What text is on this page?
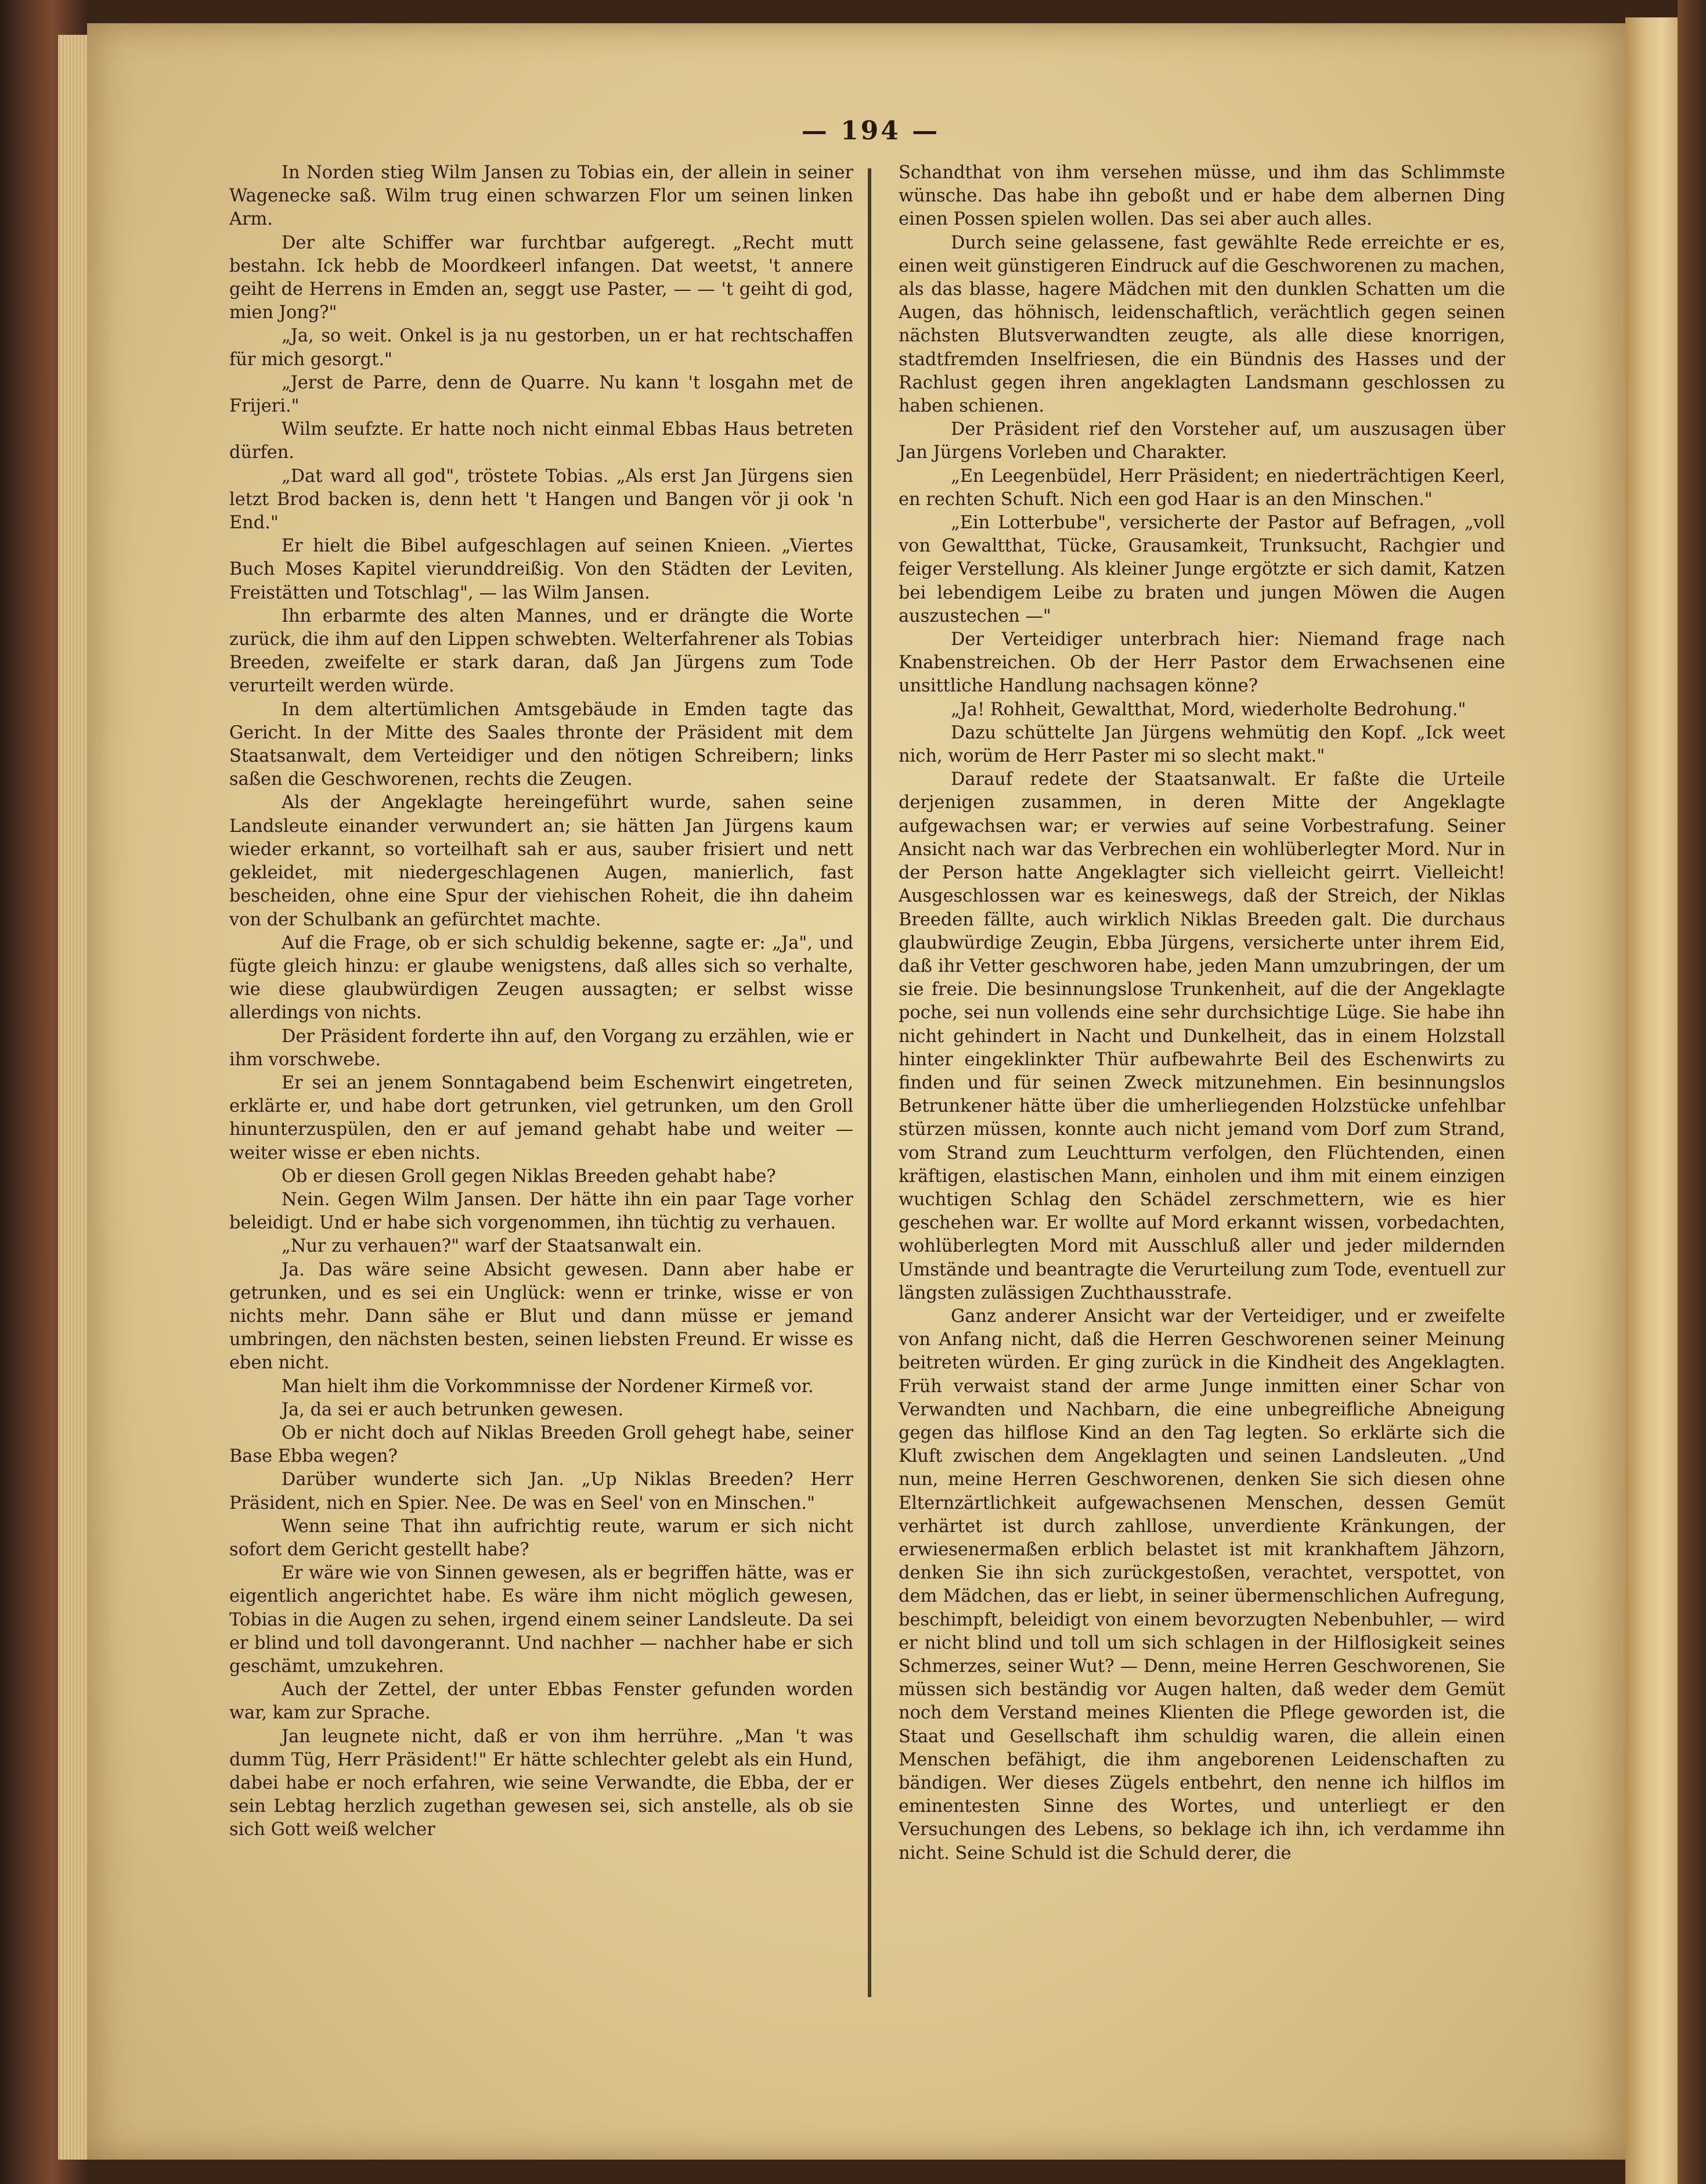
— 194 —

In Norden stieg Wilm Jansen zu Tobias ein, der allein in seiner Wagenecke saß. Wilm trug einen schwarzen Flor um seinen linken Arm.

Der alte Schiffer war furchtbar aufgeregt. „Recht mutt bestahn. Ick hebb de Moordkeerl infangen. Dat weetst, 't annere geiht de Herrens in Emden an, seggt use Paster, — — 't geiht di god, mien Jong?"

„Ja, so weit. Onkel is ja nu gestorben, un er hat rechtschaffen für mich gesorgt."

„Jerst de Parre, denn de Quarre. Nu kann 't losgahn met de Frijeri."

Wilm seufzte. Er hatte noch nicht einmal Ebbas Haus betreten dürfen.

„Dat ward all god", tröstete Tobias. „Als erst Jan Jürgens sien letzt Brod backen is, denn hett 't Hangen und Bangen vör ji ook 'n End."

Er hielt die Bibel aufgeschlagen auf seinen Knieen. „Viertes Buch Moses Kapitel vierunddreißig. Von den Städten der Leviten, Freistätten und Totschlag", — las Wilm Jansen.

Ihn erbarmte des alten Mannes, und er drängte die Worte zurück, die ihm auf den Lippen schwebten. Welterfahrener als Tobias Breeden, zweifelte er stark daran, daß Jan Jürgens zum Tode verurteilt werden würde.

In dem altertümlichen Amtsgebäude in Emden tagte das Gericht. In der Mitte des Saales thronte der Präsident mit dem Staatsanwalt, dem Verteidiger und den nötigen Schreibern; links saßen die Geschworenen, rechts die Zeugen.

Als der Angeklagte hereingeführt wurde, sahen seine Landsleute einander verwundert an; sie hätten Jan Jürgens kaum wieder erkannt, so vorteilhaft sah er aus, sauber frisiert und nett gekleidet, mit niedergeschlagenen Augen, manierlich, fast bescheiden, ohne eine Spur der viehischen Roheit, die ihn daheim von der Schulbank an gefürchtet machte.

Auf die Frage, ob er sich schuldig bekenne, sagte er: „Ja", und fügte gleich hinzu: er glaube wenigstens, daß alles sich so verhalte, wie diese glaubwürdigen Zeugen aussagten; er selbst wisse allerdings von nichts.

Der Präsident forderte ihn auf, den Vorgang zu erzählen, wie er ihm vorschwebe.

Er sei an jenem Sonntagabend beim Eschenwirt eingetreten, erklärte er, und habe dort getrunken, viel getrunken, um den Groll hinunterzuspülen, den er auf jemand gehabt habe und weiter — weiter wisse er eben nichts.

Ob er diesen Groll gegen Niklas Breeden gehabt habe?

Nein. Gegen Wilm Jansen. Der hätte ihn ein paar Tage vorher beleidigt. Und er habe sich vorgenommen, ihn tüchtig zu verhauen.

„Nur zu verhauen?" warf der Staatsanwalt ein.

Ja. Das wäre seine Absicht gewesen. Dann aber habe er getrunken, und es sei ein Unglück: wenn er trinke, wisse er von nichts mehr. Dann sähe er Blut und dann müsse er jemand umbringen, den nächsten besten, seinen liebsten Freund. Er wisse es eben nicht.

Man hielt ihm die Vorkommnisse der Nordener Kirmeß vor.

Ja, da sei er auch betrunken gewesen.

Ob er nicht doch auf Niklas Breeden Groll gehegt habe, seiner Base Ebba wegen?

Darüber wunderte sich Jan. „Up Niklas Breeden? Herr Präsident, nich en Spier. Nee. De was en Seel' von en Minschen."

Wenn seine That ihn aufrichtig reute, warum er sich nicht sofort dem Gericht gestellt habe?

Er wäre wie von Sinnen gewesen, als er begriffen hätte, was er eigentlich angerichtet habe. Es wäre ihm nicht möglich gewesen, Tobias in die Augen zu sehen, irgend einem seiner Landsleute. Da sei er blind und toll davongerannt. Und nachher — nachher habe er sich geschämt, umzukehren.

Auch der Zettel, der unter Ebbas Fenster gefunden worden war, kam zur Sprache.

Jan leugnete nicht, daß er von ihm herrühre. „Man 't was dumm Tüg, Herr Präsident!" Er hätte schlechter gelebt als ein Hund, dabei habe er noch erfahren, wie seine Verwandte, die Ebba, der er sein Lebtag herzlich zugethan gewesen sei, sich anstelle, als ob sie sich Gott weiß welcher

Schandthat von ihm versehen müsse, und ihm das Schlimmste wünsche. Das habe ihn geboßt und er habe dem albernen Ding einen Possen spielen wollen. Das sei aber auch alles.

Durch seine gelassene, fast gewählte Rede erreichte er es, einen weit günstigeren Eindruck auf die Geschworenen zu machen, als das blasse, hagere Mädchen mit den dunklen Schatten um die Augen, das höhnisch, leidenschaftlich, verächtlich gegen seinen nächsten Blutsverwandten zeugte, als alle diese knorrigen, stadtfremden Inselfriesen, die ein Bündnis des Hasses und der Rachlust gegen ihren angeklagten Landsmann geschlossen zu haben schienen.

Der Präsident rief den Vorsteher auf, um auszusagen über Jan Jürgens Vorleben und Charakter.

„En Leegenbüdel, Herr Präsident; en niederträchtigen Keerl, en rechten Schuft. Nich een god Haar is an den Minschen."

„Ein Lotterbube", versicherte der Pastor auf Befragen, „voll von Gewaltthat, Tücke, Grausamkeit, Trunksucht, Rachgier und feiger Verstellung. Als kleiner Junge ergötzte er sich damit, Katzen bei lebendigem Leibe zu braten und jungen Möwen die Augen auszustechen —"

Der Verteidiger unterbrach hier: Niemand frage nach Knabenstreichen. Ob der Herr Pastor dem Erwachsenen eine unsittliche Handlung nachsagen könne?

„Ja! Rohheit, Gewaltthat, Mord, wiederholte Bedrohung."

Dazu schüttelte Jan Jürgens wehmütig den Kopf. „Ick weet nich, worüm de Herr Paster mi so slecht makt."

Darauf redete der Staatsanwalt. Er faßte die Urteile derjenigen zusammen, in deren Mitte der Angeklagte aufgewachsen war; er verwies auf seine Vorbestrafung. Seiner Ansicht nach war das Verbrechen ein wohlüberlegter Mord. Nur in der Person hatte Angeklagter sich vielleicht geirrt. Vielleicht! Ausgeschlossen war es keineswegs, daß der Streich, der Niklas Breeden fällte, auch wirklich Niklas Breeden galt. Die durchaus glaubwürdige Zeugin, Ebba Jürgens, versicherte unter ihrem Eid, daß ihr Vetter geschworen habe, jeden Mann umzubringen, der um sie freie. Die besinnungslose Trunkenheit, auf die der Angeklagte poche, sei nun vollends eine sehr durchsichtige Lüge. Sie habe ihn nicht gehindert in Nacht und Dunkelheit, das in einem Holzstall hinter eingeklinkter Thür aufbewahrte Beil des Eschenwirts zu finden und für seinen Zweck mitzunehmen. Ein besinnungslos Betrunkener hätte über die umherliegenden Holzstücke unfehlbar stürzen müssen, konnte auch nicht jemand vom Dorf zum Strand, vom Strand zum Leuchtturm verfolgen, den Flüchtenden, einen kräftigen, elastischen Mann, einholen und ihm mit einem einzigen wuchtigen Schlag den Schädel zerschmettern, wie es hier geschehen war. Er wollte auf Mord erkannt wissen, vorbedachten, wohlüberlegten Mord mit Ausschluß aller und jeder mildernden Umstände und beantragte die Verurteilung zum Tode, eventuell zur längsten zulässigen Zuchthausstrafe.

Ganz anderer Ansicht war der Verteidiger, und er zweifelte von Anfang nicht, daß die Herren Geschworenen seiner Meinung beitreten würden. Er ging zurück in die Kindheit des Angeklagten. Früh verwaist stand der arme Junge inmitten einer Schar von Verwandten und Nachbarn, die eine unbegreifliche Abneigung gegen das hilflose Kind an den Tag legten. So erklärte sich die Kluft zwischen dem Angeklagten und seinen Landsleuten. „Und nun, meine Herren Geschworenen, denken Sie sich diesen ohne Elternzärtlichkeit aufgewachsenen Menschen, dessen Gemüt verhärtet ist durch zahllose, unverdiente Kränkungen, der erwiesenermaßen erblich belastet ist mit krankhaftem Jähzorn, denken Sie ihn sich zurückgestoßen, verachtet, verspottet, von dem Mädchen, das er liebt, in seiner übermenschlichen Aufregung, beschimpft, beleidigt von einem bevorzugten Nebenbuhler, — wird er nicht blind und toll um sich schlagen in der Hilflosigkeit seines Schmerzes, seiner Wut? — Denn, meine Herren Geschworenen, Sie müssen sich beständig vor Augen halten, daß weder dem Gemüt noch dem Verstand meines Klienten die Pflege geworden ist, die Staat und Gesellschaft ihm schuldig waren, die allein einen Menschen befähigt, die ihm angeborenen Leidenschaften zu bändigen. Wer dieses Zügels entbehrt, den nenne ich hilflos im eminentesten Sinne des Wortes, und unterliegt er den Versuchungen des Lebens, so beklage ich ihn, ich verdamme ihn nicht. Seine Schuld ist die Schuld derer, die
